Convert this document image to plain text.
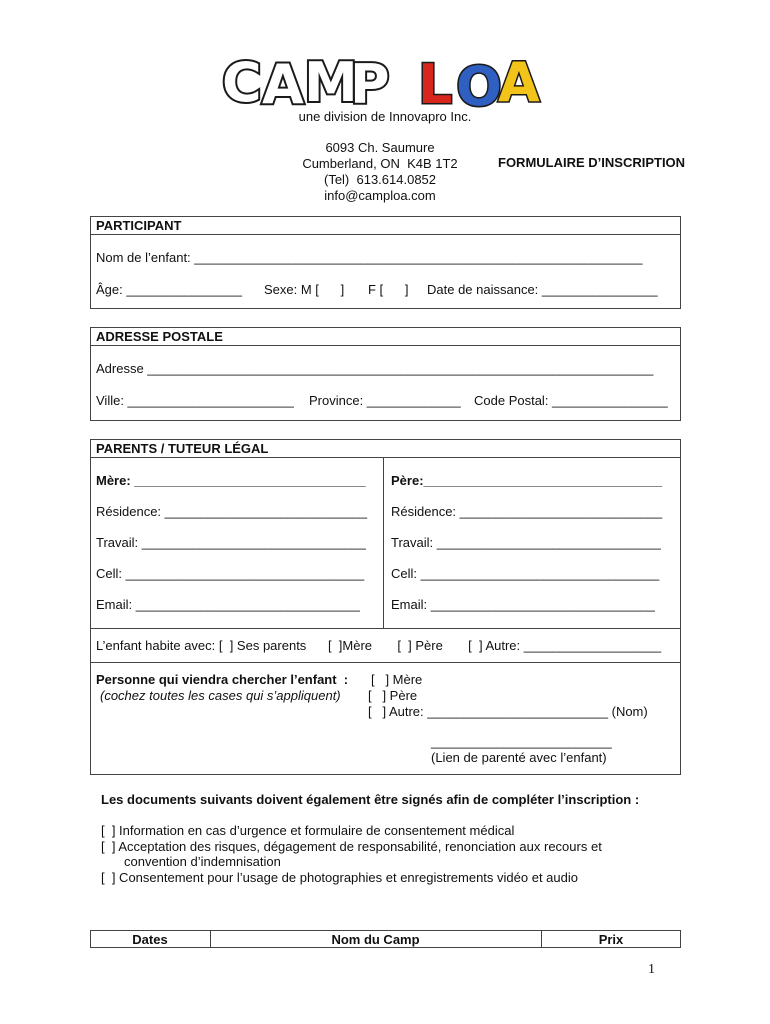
C A M
P L O
A
une division de Innovapro Inc.
6093 Ch. Saumure
Cumberland, ON  K4B 1T2
(Tel)  613.614.0852
info@camploa.com
FORMULAIRE D’INSCRIPTION
PARTICIPANT
Nom de l’enfant: ______________________________________________________________
Âge: ________________ Sexe: M [      ] F [      ] Date de naissance: ________________
ADRESSE POSTALE
Adresse ______________________________________________________________________
Ville: _______________________ Province: _____________ Code Postal: ________________
PARENTS / TUTEUR LÉGAL
Mère: ________________________________
Résidence: ____________________________
Travail: _______________________________
Cell: _________________________________
Email: _______________________________
Père:_________________________________
Résidence: ____________________________
Travail: _______________________________
Cell: _________________________________
Email: _______________________________
L’enfant habite avec: [  ] Ses parents      [  ]Mère       [  ] Père       [  ] Autre: ___________________
Personne qui viendra chercher l’enfant  :
(cochez toutes les cases qui s’appliquent)
[   ] Mère
[   ] Père
[   ] Autre: _________________________ (Nom)
_________________________
(Lien de parenté avec l’enfant)
Les documents suivants doivent également être signés afin de compléter l’inscription :
[  ] Information en cas d’urgence et formulaire de consentement médical
[  ] Acceptation des risques, dégagement de responsabilité, renonciation aux recours et
convention d’indemnisation
[  ] Consentement pour l’usage de photographies et enregistrements vidéo et audio
Dates	Nom du Camp	Prix
1
